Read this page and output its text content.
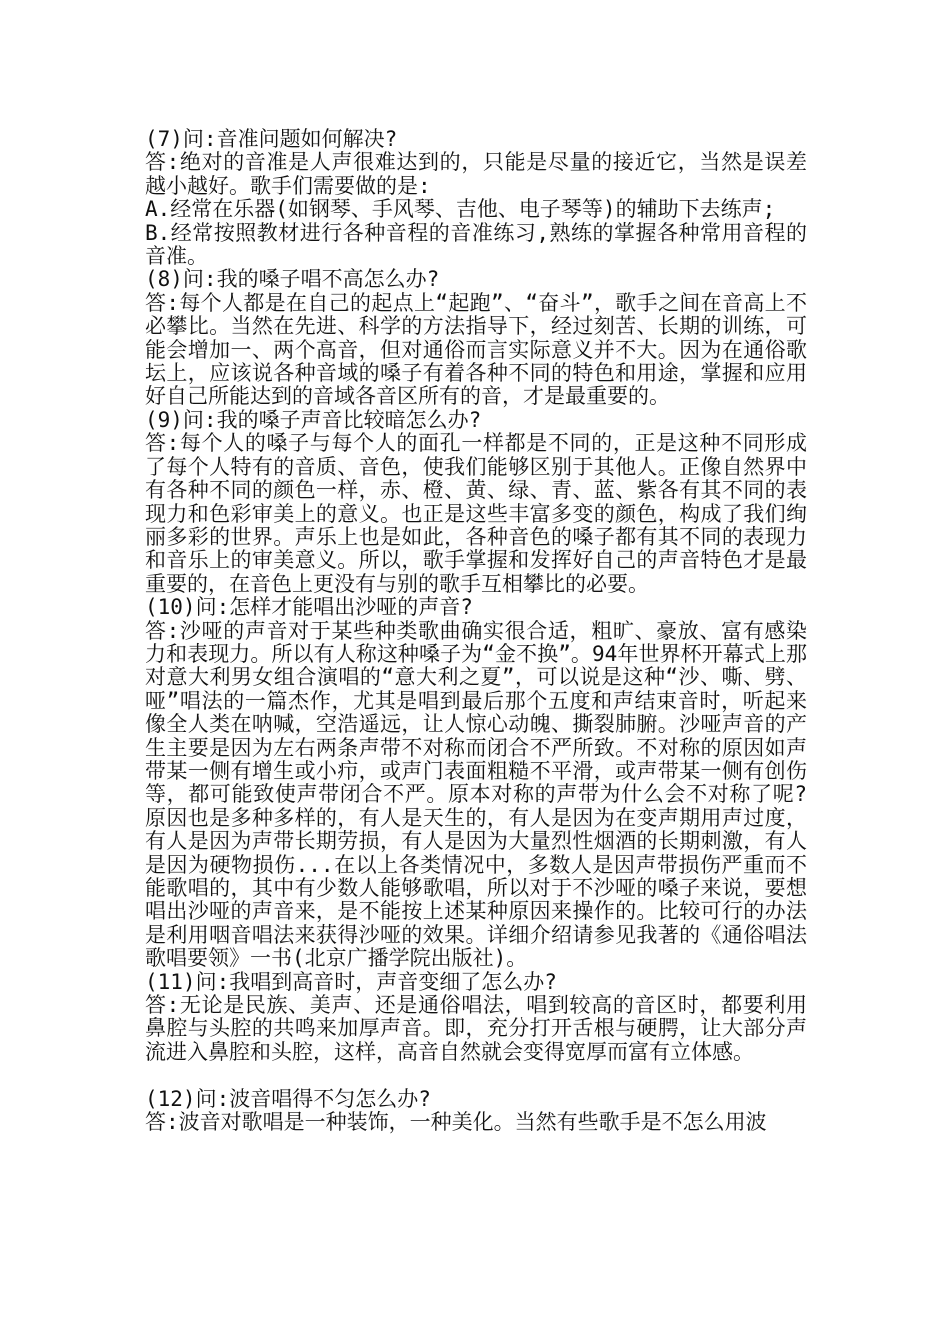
(7)问:音准问题如何解决?

答:绝对的音准是人声很难达到的，只能是尽量的接近它，当然是误差越小越好。歌手们需要做的是:

A.经常在乐器(如钢琴、手风琴、吉他、电子琴等)的辅助下去练声;

B.经常按照教材进行各种音程的音准练习,熟练的掌握各种常用音程的音准。

(8)问:我的嗓子唱不高怎么办?

答:每个人都是在自己的起点上“起跑”、“奋斗”，歌手之间在音高上不必攀比。当然在先进、科学的方法指导下，经过刻苦、长期的训练，可能会增加一、两个高音，但对通俗而言实际意义并不大。因为在通俗歌坛上，应该说各种音域的嗓子有着各种不同的特色和用途，掌握和应用好自己所能达到的音域各音区所有的音，才是最重要的。

(9)问:我的嗓子声音比较暗怎么办?

答:每个人的嗓子与每个人的面孔一样都是不同的，正是这种不同形成了每个人特有的音质、音色，使我们能够区别于其他人。正像自然界中有各种不同的颜色一样，赤、橙、黄、绿、青、蓝、紫各有其不同的表现力和色彩审美上的意义。也正是这些丰富多变的颜色，构成了我们绚丽多彩的世界。声乐上也是如此，各种音色的嗓子都有其不同的表现力和音乐上的审美意义。所以，歌手掌握和发挥好自己的声音特色才是最重要的，在音色上更没有与别的歌手互相攀比的必要。

(10)问:怎样才能唱出沙哑的声音?

答:沙哑的声音对于某些种类歌曲确实很合适，粗旷、豪放、富有感染力和表现力。所以有人称这种嗓子为“金不换”。94年世界杯开幕式上那对意大利男女组合演唱的“意大利之夏”，可以说是这种“沙、嘶、劈、哑”唱法的一篇杰作，尤其是唱到最后那个五度和声结束音时，听起来像全人类在呐喊，空浩遥远，让人惊心动魄、撕裂肺腑。沙哑声音的产生主要是因为左右两条声带不对称而闭合不严所致。不对称的原因如声带某一侧有增生或小疖，或声门表面粗糙不平滑，或声带某一侧有创伤等，都可能致使声带闭合不严。原本对称的声带为什么会不对称了呢?原因也是多种多样的，有人是天生的，有人是因为在变声期用声过度，有人是因为声带长期劳损，有人是因为大量烈性烟酒的长期刺激，有人是因为硬物损伤...在以上各类情况中，多数人是因声带损伤严重而不能歌唱的，其中有少数人能够歌唱，所以对于不沙哑的嗓子来说，要想唱出沙哑的声音来，是不能按上述某种原因来操作的。比较可行的办法是利用咽音唱法来获得沙哑的效果。详细介绍请参见我著的《通俗唱法歌唱要领》一书(北京广播学院出版社)。

(11)问:我唱到高音时，声音变细了怎么办?

答:无论是民族、美声、还是通俗唱法，唱到较高的音区时，都要利用鼻腔与头腔的共鸣来加厚声音。即，充分打开舌根与硬腭，让大部分声流进入鼻腔和头腔，这样，高音自然就会变得宽厚而富有立体感。

(12)问:波音唱得不匀怎么办?

答:波音对歌唱是一种装饰，一种美化。当然有些歌手是不怎么用波
